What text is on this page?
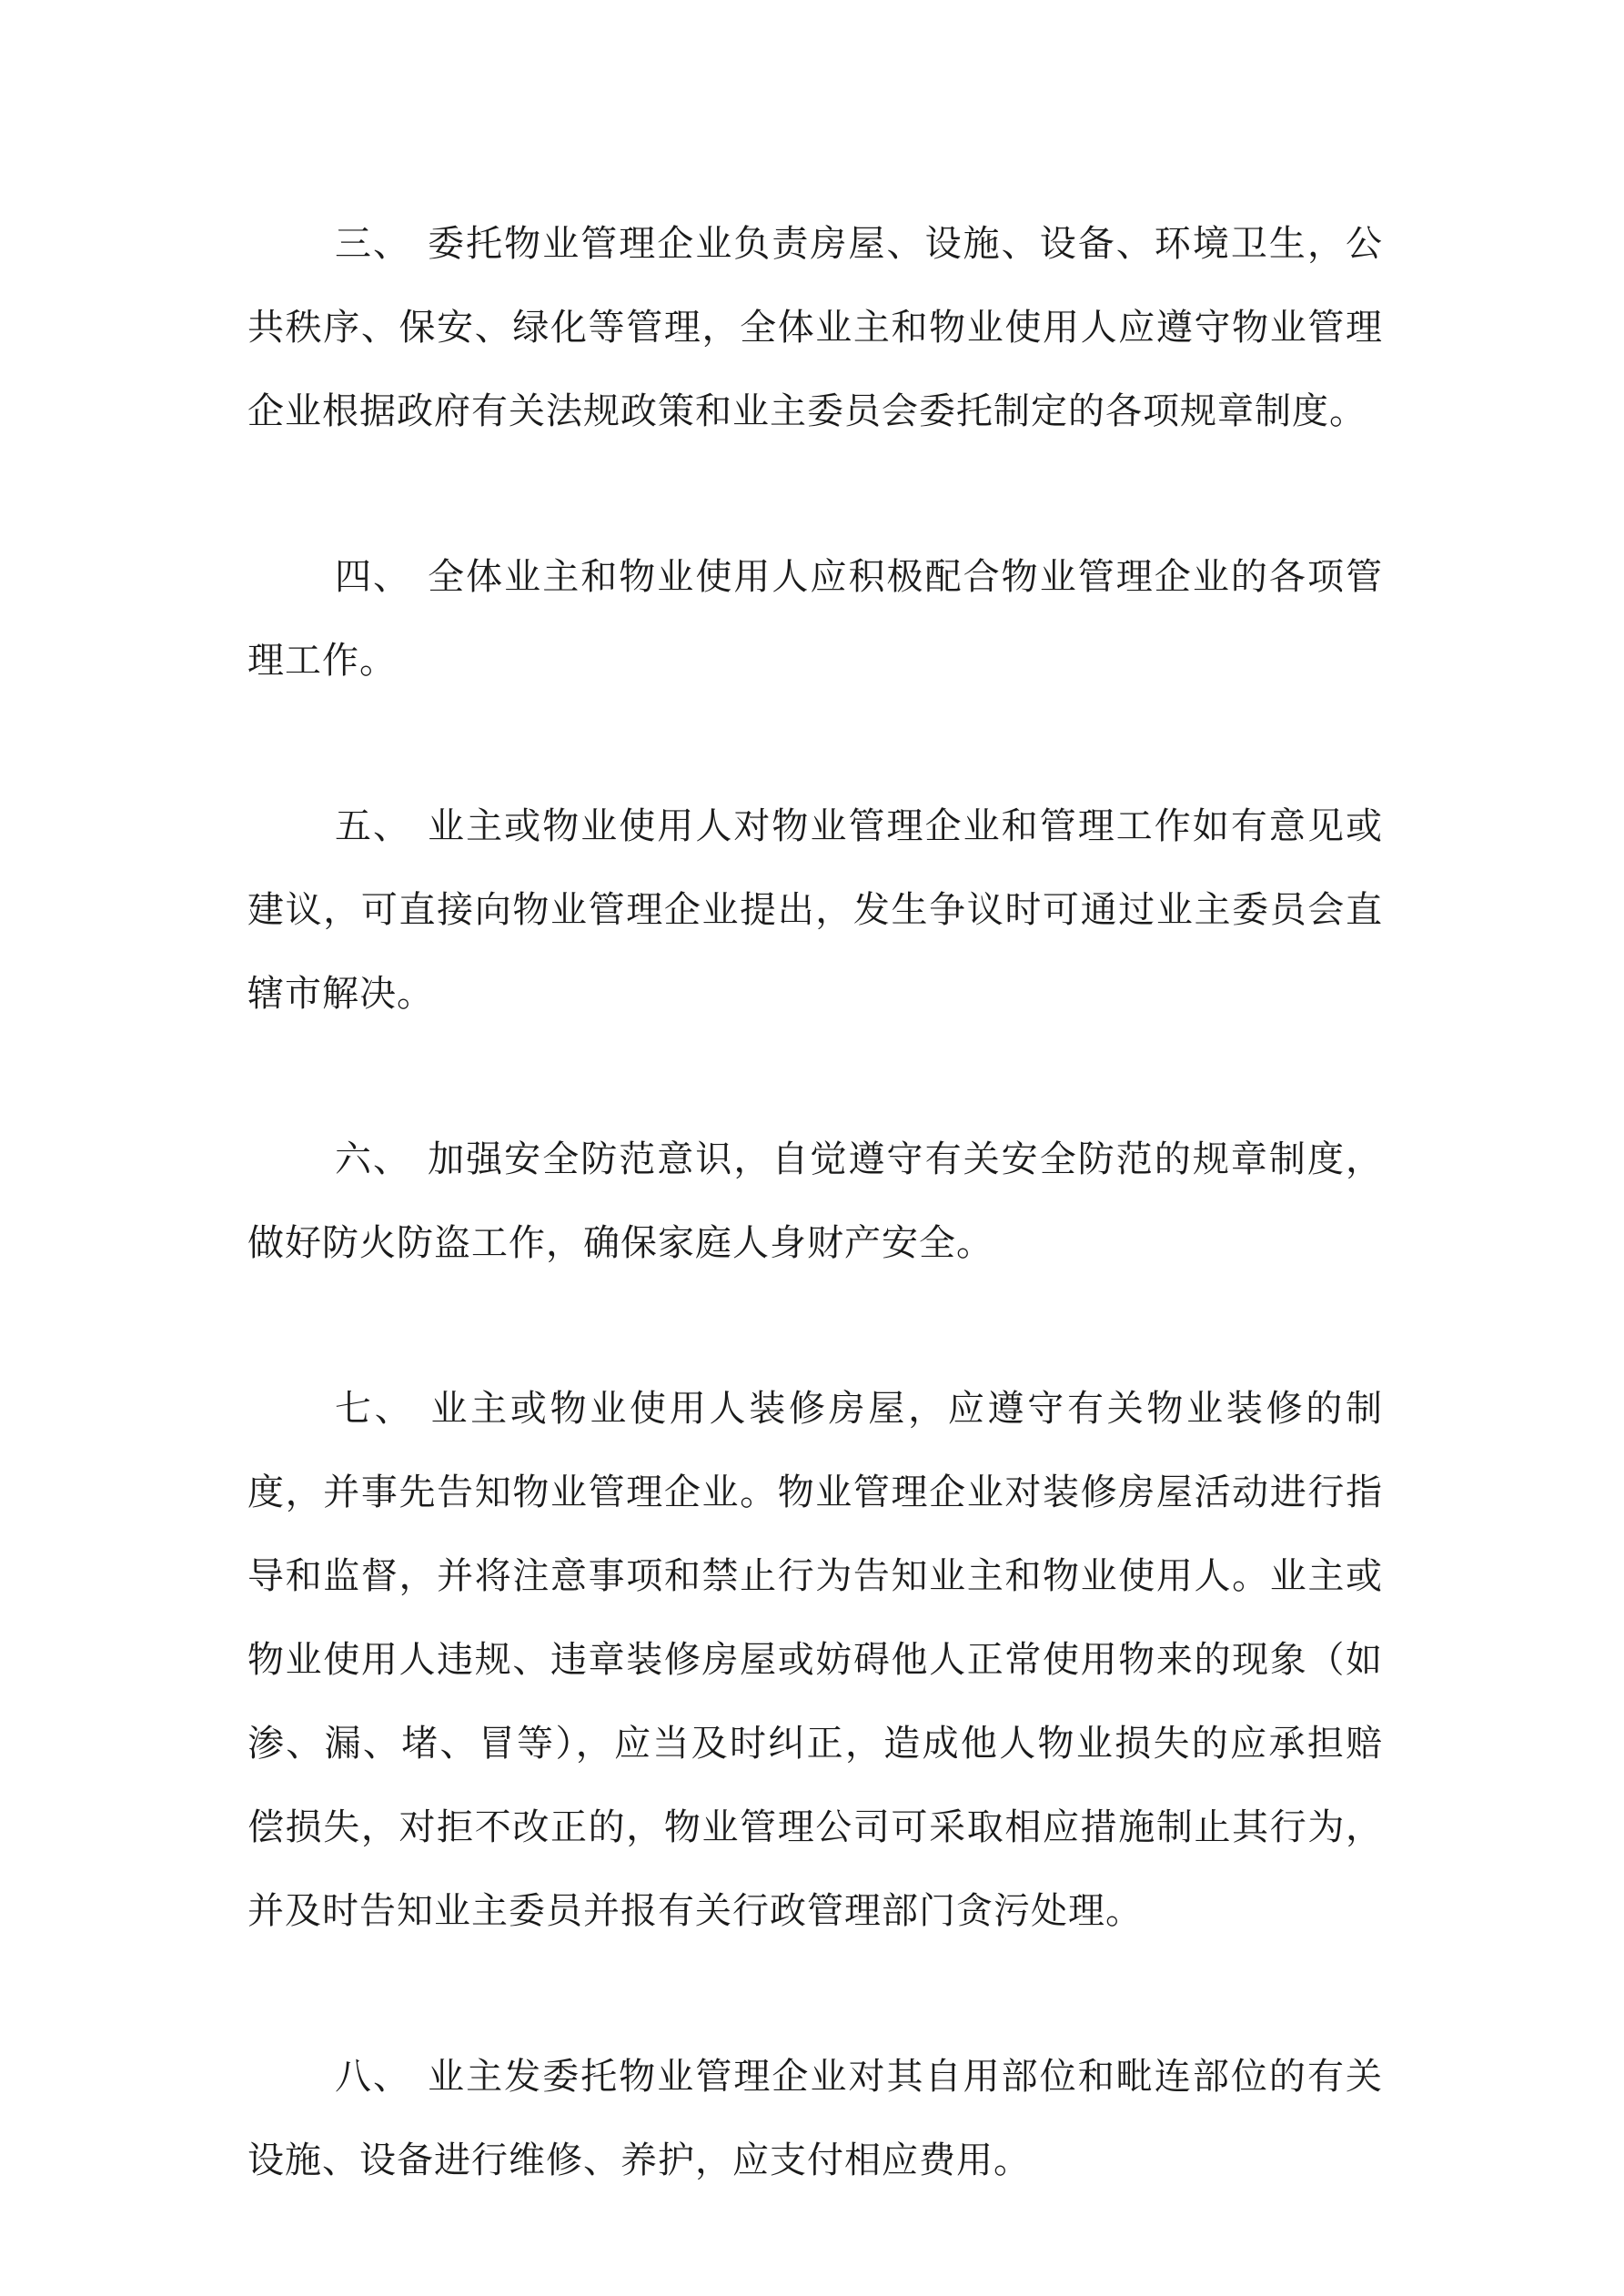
三、 委托物业管理企业负责房屋、设施、设备、环境卫生，公共秩序、保安、绿化等管理，全体业主和物业使用人应遵守物业管理企业根据政府有关法规政策和业主委员会委托制定的各项规章制度。

四、 全体业主和物业使用人应积极配合物业管理企业的各项管理工作。

五、 业主或物业使用人对物业管理企业和管理工作如有意见或建议，可直接向物业管理企业提出，发生争议时可通过业主委员会直辖市解决。

六、 加强安全防范意识，自觉遵守有关安全防范的规章制度，做好防火防盗工作，确保家庭人身财产安全。

七、 业主或物业使用人装修房屋，应遵守有关物业装修的制度，并事先告知物业管理企业。物业管理企业对装修房屋活动进行指导和监督，并将注意事项和禁止行为告知业主和物业使用人。业主或物业使用人违规、违章装修房屋或妨碍他人正常使用物来的现象（如渗、漏、堵、冒等），应当及时纠正，造成他人物业损失的应承担赔偿损失，对拒不改正的，物业管理公司可采取相应措施制止其行为，并及时告知业主委员并报有关行政管理部门贪污处理。

八、 业主发委托物业管理企业对其自用部位和毗连部位的有关设施、设备进行维修、养护，应支付相应费用。
